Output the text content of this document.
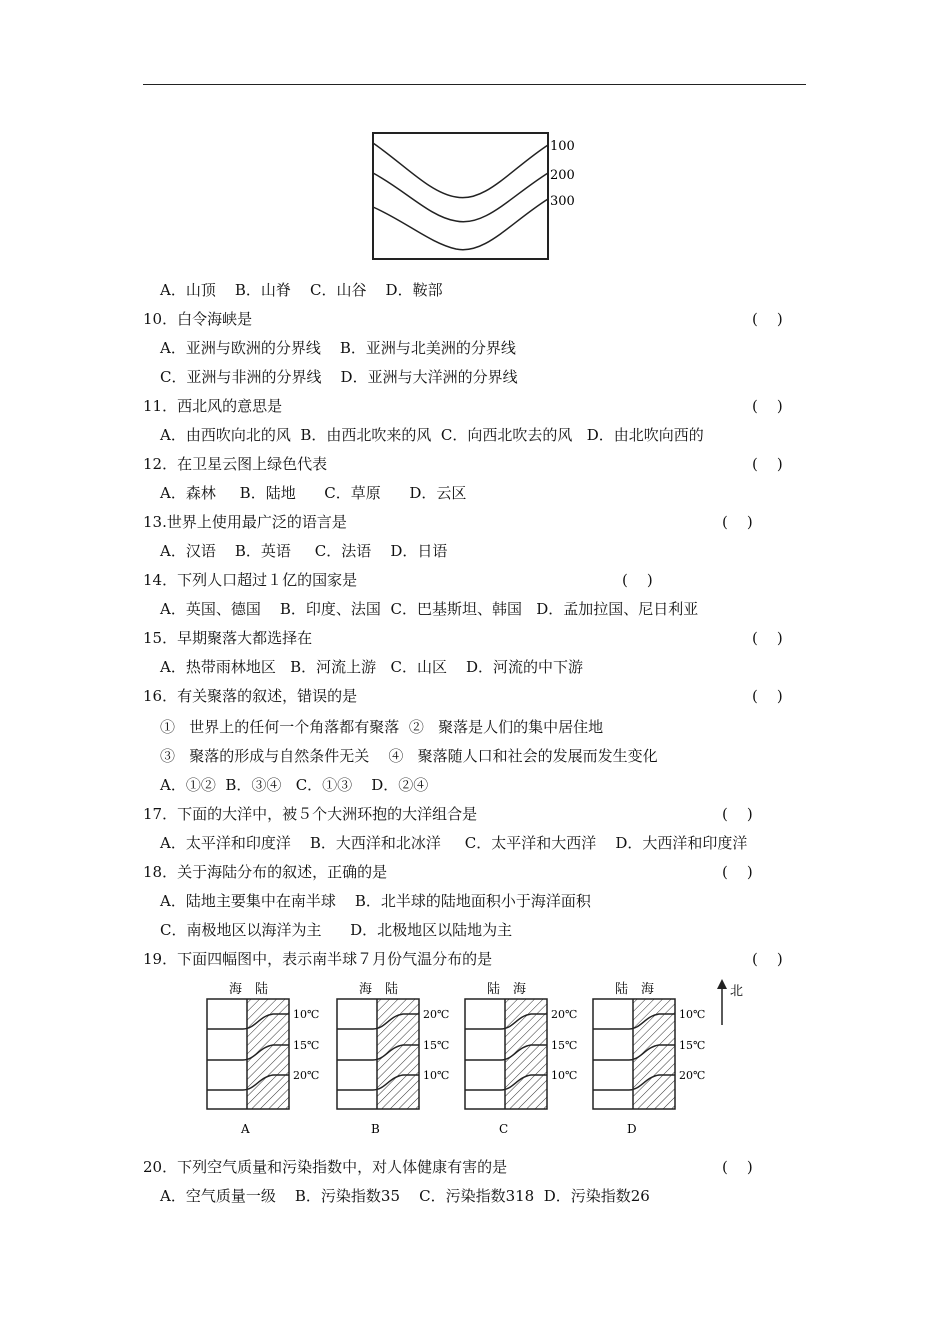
100
200
300
A．山顶    B．山脊    C．山谷    D．鞍部
10．白令海峡是	(    )
A．亚洲与欧洲的分界线    B．亚洲与北美洲的分界线
C．亚洲与非洲的分界线    D．亚洲与大洋洲的分界线
11．西北风的意思是	(    )
A．由西吹向北的风  B．由西北吹来的风  C．向西北吹去的风   D．由北吹向西的
12．在卫星云图上绿色代表	(    )
A．森林     B．陆地      C．草原      D．云区
13.世界上使用最广泛的语言是	(    )
A．汉语    B．英语     C．法语    D．日语
14．下列人口超过１亿的国家是	(    )
A．英国、德国    B．印度、法国  C．巴基斯坦、韩国   D．孟加拉国、尼日利亚
15．早期聚落大都选择在	(    )
A．热带雨林地区   B．河流上游   C．山区    D．河流的中下游
16．有关聚落的叙述，错误的是	(    )
①   世界上的任何一个角落都有聚落  ②   聚落是人们的集中居住地
③   聚落的形成与自然条件无关    ④   聚落随人口和社会的发展而发生变化
A．①②  B．③④   C．①③    D．②④
17．下面的大洋中，被５个大洲环抱的大洋组合是	(    )
A．太平洋和印度洋    B．大西洋和北冰洋     C．太平洋和大西洋    D．大西洋和印度洋
18．关于海陆分布的叙述，正确的是	(    )
A．陆地主要集中在南半球    B．北半球的陆地面积小于海洋面积
C．南极地区以海洋为主      D．北极地区以陆地为主
19．下面四幅图中，表示南半球７月份气温分布的是	(    )
10℃
15℃
20℃
海 陆
A
20℃
15℃
10℃
海 陆
B
20℃
15℃
10℃
陆 海
C
10℃
15℃
20℃
陆 海
D
北
20．下列空气质量和污染指数中，对人体健康有害的是	(    )
A．空气质量一级    B．污染指数35    C．污染指数318  D．污染指数26
